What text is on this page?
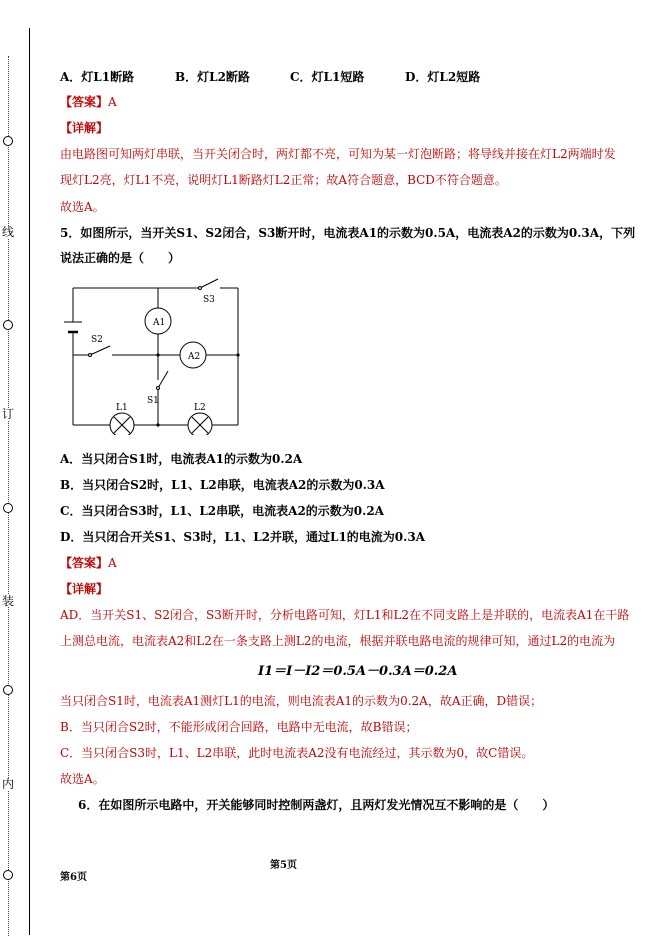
线
订
装
内
A．灯L1断路	B．灯L2断路	C．灯L1短路	D．灯L2短路
【答案】A
【详解】
由电路图可知两灯串联，当开关闭合时，两灯都不亮，可知为某一灯泡断路；将导线并接在灯L2两端时发
现灯L2亮，灯L1不亮，说明灯L1断路灯L2正常；故A符合题意，BCD不符合题意。
故选A。
5．如图所示，当开关S1、S2闭合，S3断开时，电流表A1的示数为0.5A，电流表A2的示数为0.3A，下列
说法正确的是（　　）
S3
A1
S2
A2
S1
L1	L2
A．当只闭合S1时，电流表A1的示数为0.2A
B．当只闭合S2时，L1、L2串联，电流表A2的示数为0.3A
C．当只闭合S3时，L1、L2串联，电流表A2的示数为0.2A
D．当只闭合开关S1、S3时，L1、L2并联，通过L1的电流为0.3A
【答案】A
【详解】
AD．当开关S1、S2闭合，S3断开时，分析电路可知，灯L1和L2在不同支路上是并联的，电流表A1在干路
上测总电流，电流表A2和L2在一条支路上测L2的电流，根据并联电路电流的规律可知，通过L2的电流为
I1＝I－I2＝0.5A－0.3A＝0.2A
当只闭合S1时，电流表A1测灯L1的电流，则电流表A1的示数为0.2A，故A正确，D错误；
B．当只闭合S2时，不能形成闭合回路，电路中无电流，故B错误；
C．当只闭合S3时，L1、L2串联，此时电流表A2没有电流经过，其示数为0，故C错误。
故选A。
6．在如图所示电路中，开关能够同时控制两盏灯，且两灯发光情况互不影响的是（　　）
第5页
第6页
